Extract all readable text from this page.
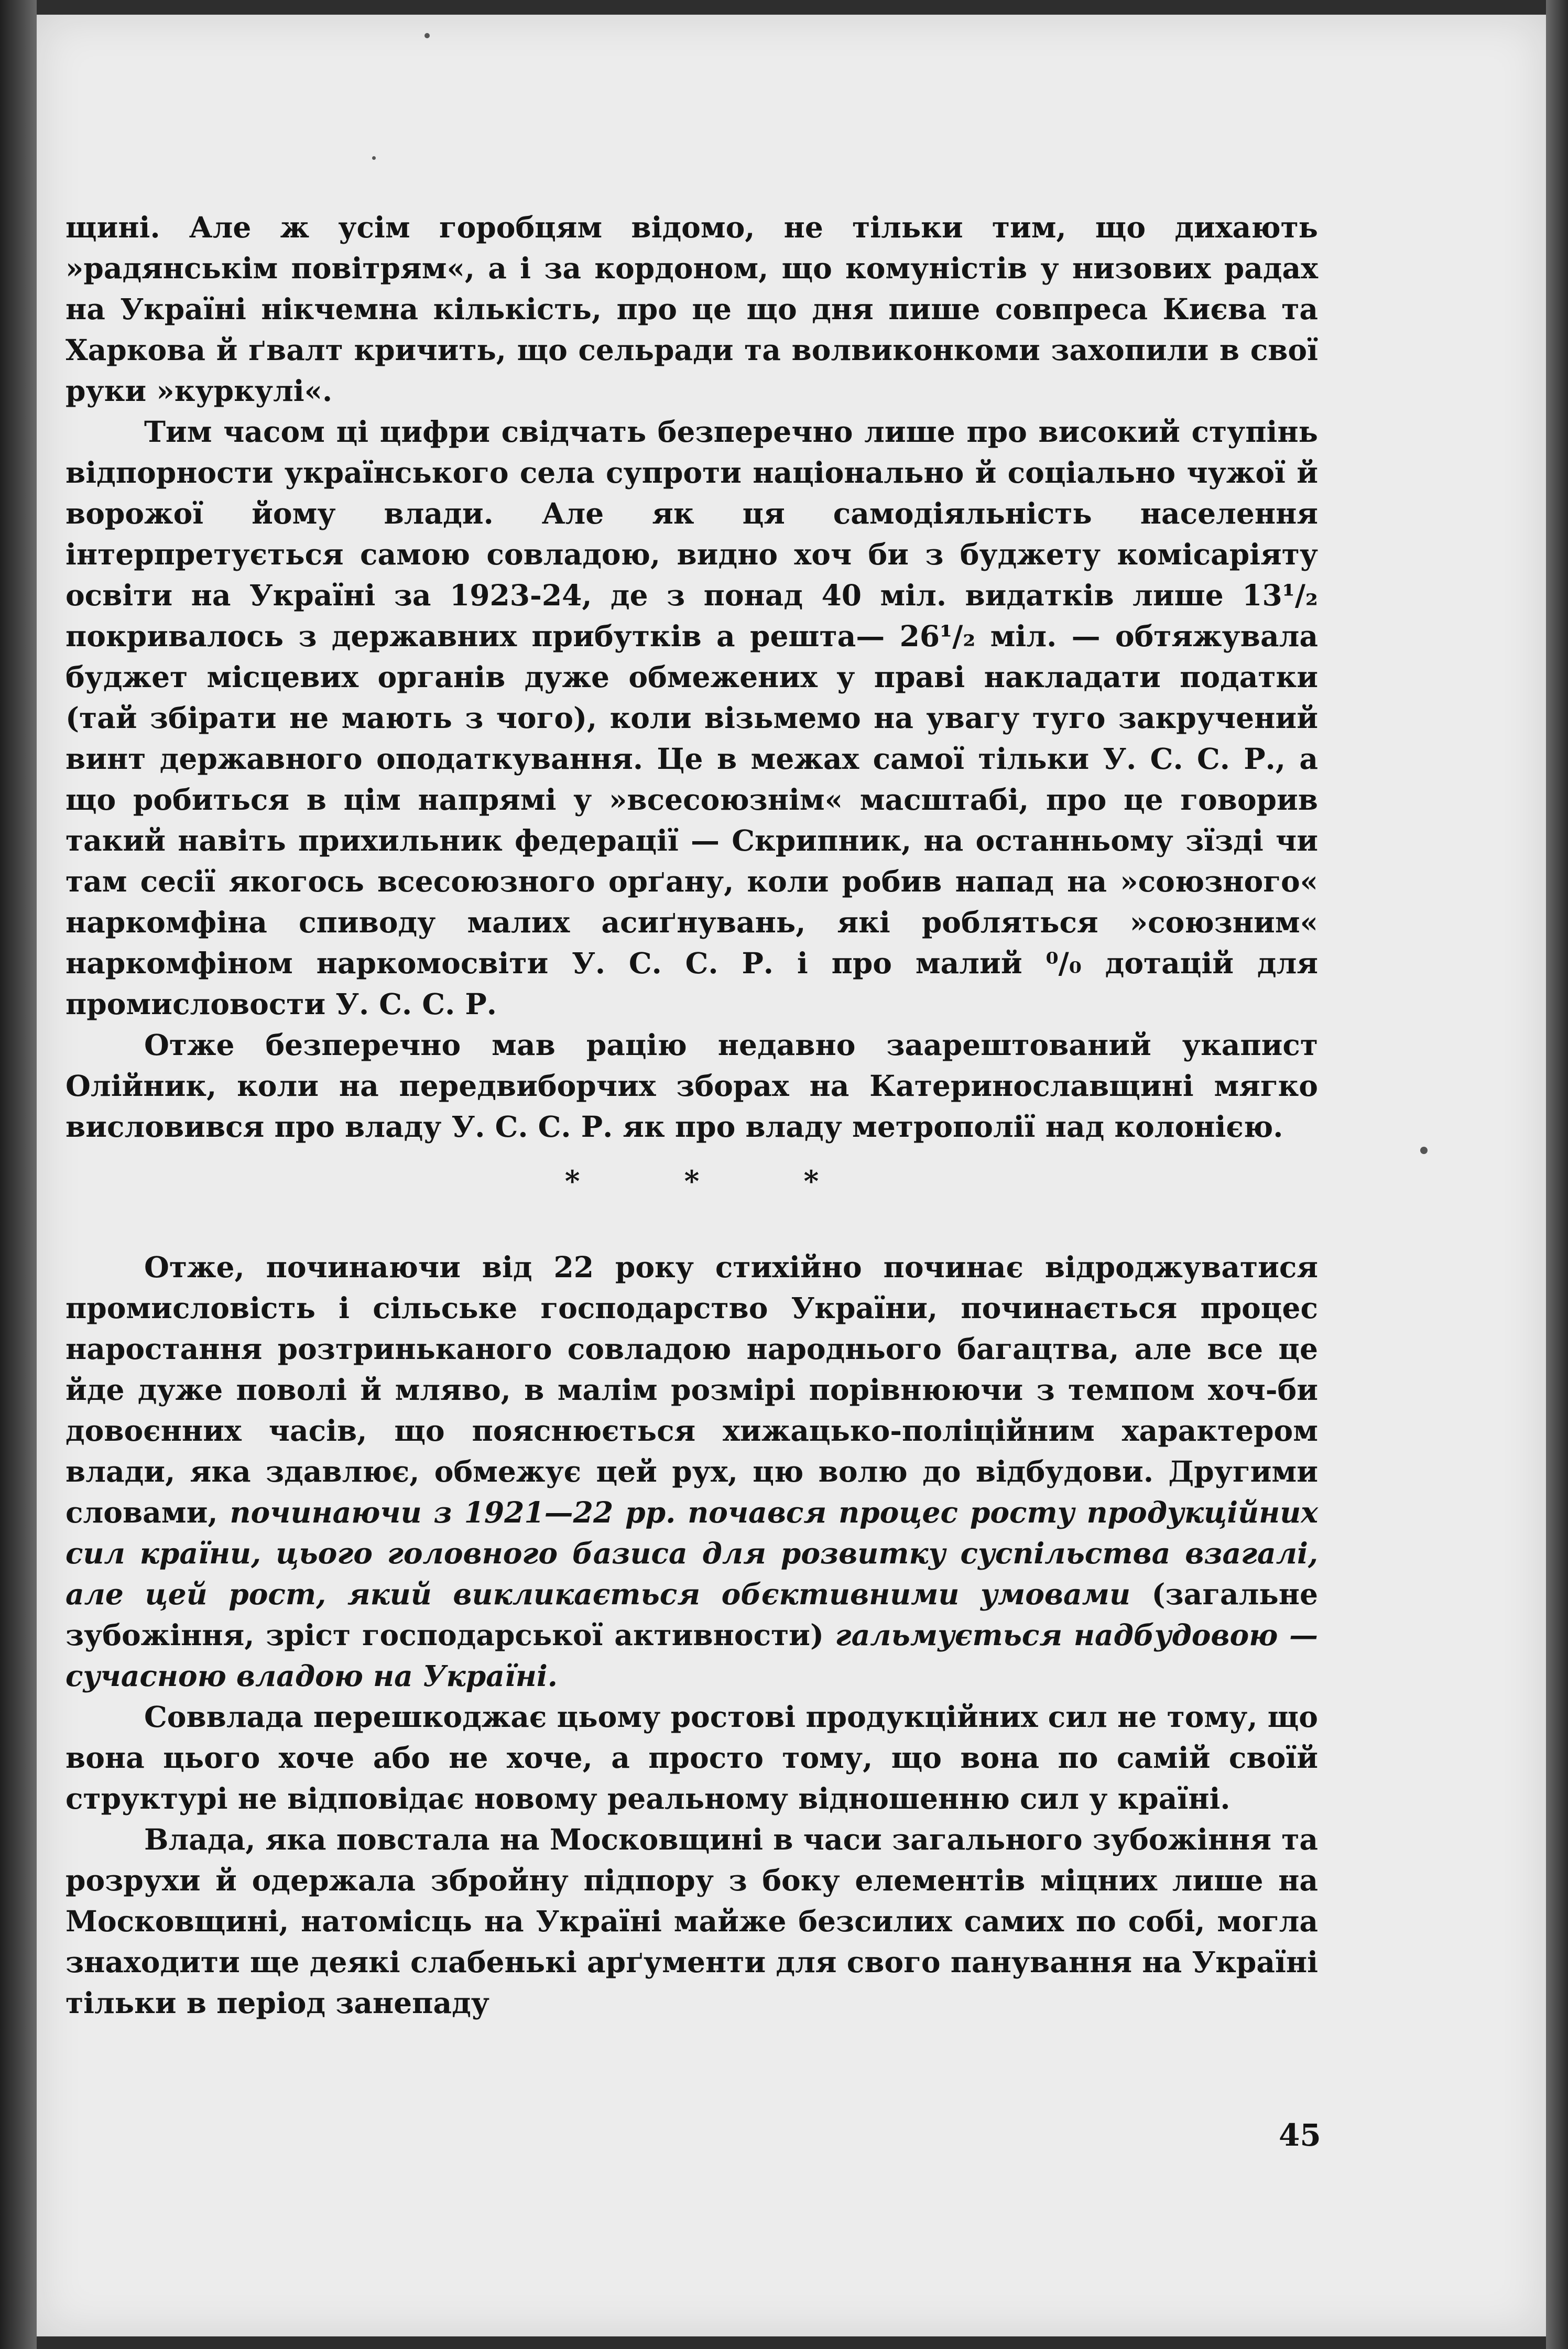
щині. Але ж усім горобцям відомо, не тільки тим, що дихають »радянськім повітрям«, а і за кордоном, що комуністів у низових радах на Україні нікчемна кількість, про це що дня пише совпреса Києва та Харкова й ґвалт кричить, що сельради та волвиконкоми захопили в свої руки »куркулі«.

Тим часом ці цифри свідчать безперечно лише про високий ступінь відпорности українського села супроти національно й соціально чужої й ворожої йому влади. Але як ця самодіяльність населення інтерпретується самою совладою, видно хоч би з буджету комісаріяту освіти на Україні за 1923-24, де з понад 40 міл. видатків лише 13¹/₂ покривалось з державних прибутків а решта— 26¹/₂ міл. — обтяжувала буджет місцевих органів дуже обмежених у праві накладати податки (тай збірати не мають з чого), коли візьмемо на увагу туго закручений винт державного оподаткування. Це в межах самої тільки У. С. С. Р., а що робиться в цім напрямі у »всесоюзнім« масштабі, про це говорив такий навіть прихильник федерації — Скрипник, на останньому зїзді чи там сесії якогось всесоюзного орґану, коли робив напад на »союзного« наркомфіна спиводу малих асиґнувань, які робляться »союзним« наркомфіном наркомосвіти У. С. С. Р. і про малий ⁰/₀ дотацій для промисловости У. С. С. Р.

Отже безперечно мав рацію недавно заарештований укапист Олійник, коли на передвиборчих зборах на Катеринославщині мягко висловився про владу У. С. С. Р. як про владу метрополії над колонією.

* * *

Отже, починаючи від 22 року стихійно починає відроджуватися промисловість і сільське господарство України, починається процес наростання розтриньканого совладою народнього багацтва, але все це йде дуже поволі й мляво, в малім розмірі порівнюючи з темпом хоч-би довоєнних часів, що пояснюється хижацько-поліційним характером влади, яка здавлює, обмежує цей рух, цю волю до відбудови. Другими словами, починаючи з 1921—22 рр. почався процес росту продукційних сил країни, цього головного базиса для розвитку суспільства взагалі, але цей рост, який викликається обєктивними умовами (загальне зубожіння, зріст господарської активности) гальмується надбудовою — сучасною владою на Україні.

Соввлада перешкоджає цьому ростові продукційних сил не тому, що вона цього хоче або не хоче, а просто тому, що вона по самій своїй структурі не відповідає новому реальному відношенню сил у країні.

Влада, яка повстала на Московщині в часи загального зубожіння та розрухи й одержала збройну підпору з боку елементів міцних лише на Московщині, натомісць на Україні майже безсилих самих по собі, могла знаходити ще деякі слабенькі арґументи для свого панування на Україні тільки в період занепаду

45
